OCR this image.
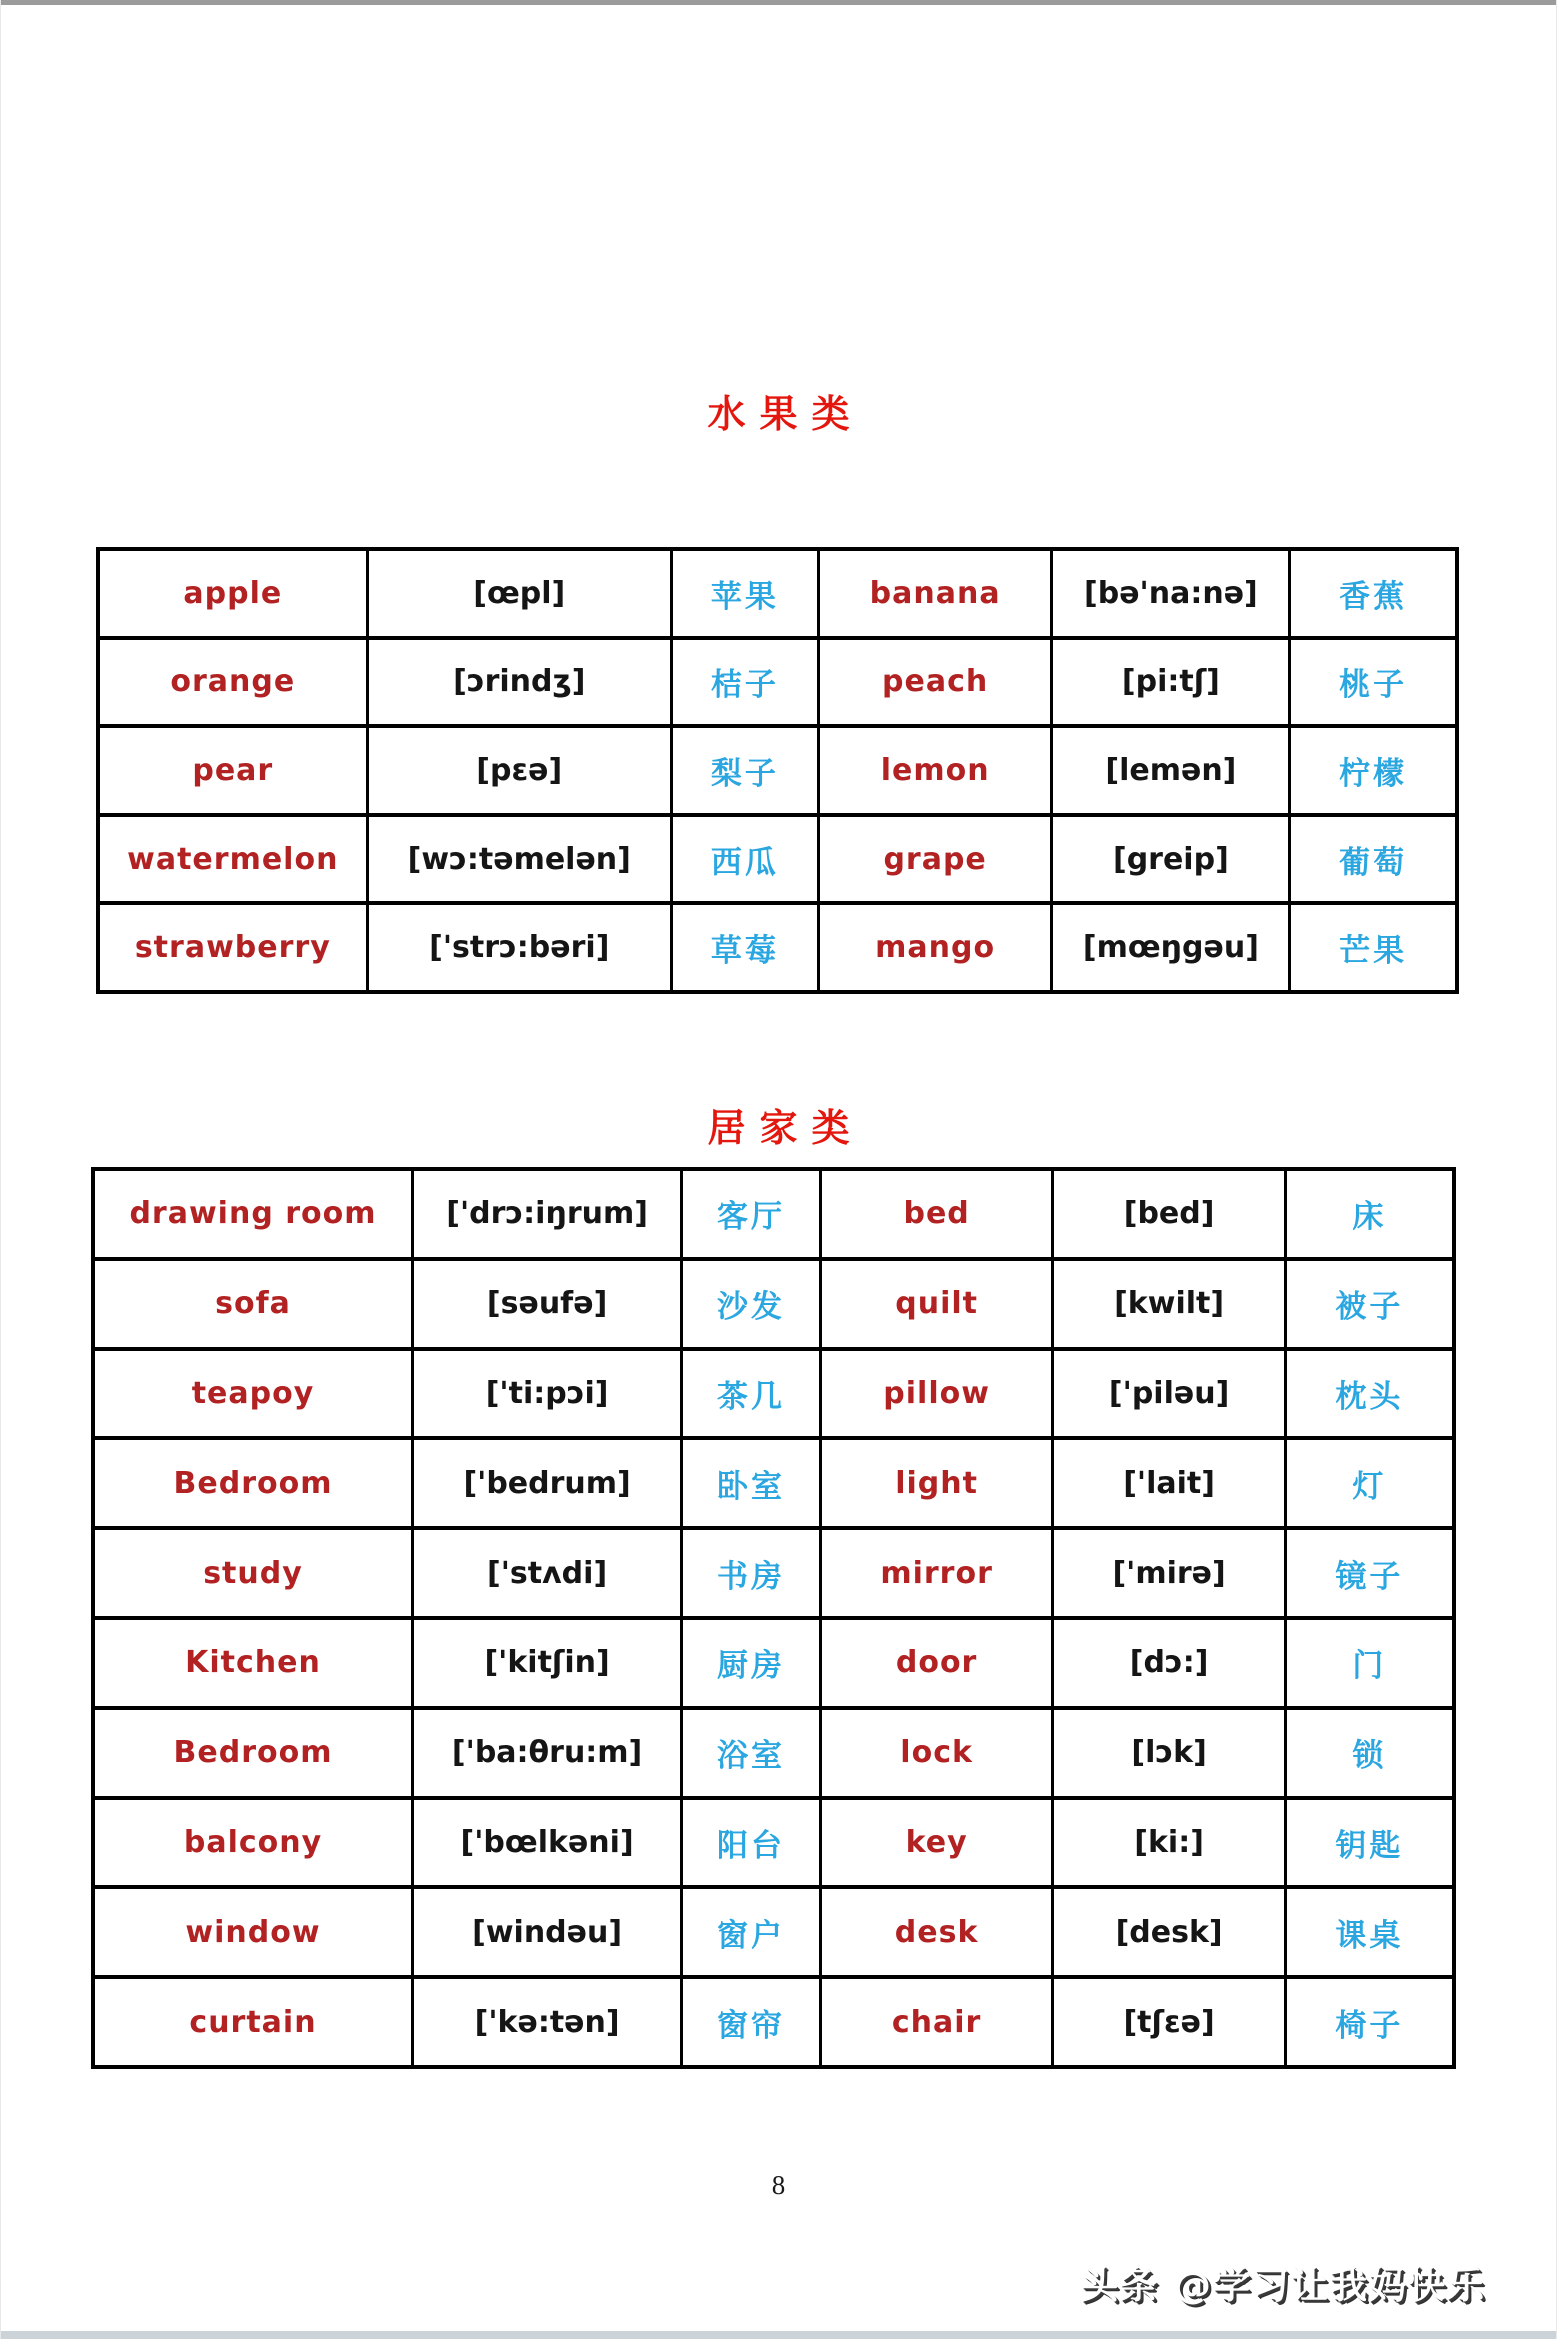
水果类
apple	[œpl]	苹果	banana	[bə'na:nə]	香蕉
orange	[ɔrindʒ]	桔子	peach	[pi:tʃ]	桃子
pear	[pɛə]	梨子	lemon	[lemən]	柠檬
watermelon	[wɔ:təmelən]	西瓜	grape	[greip]	葡萄
strawberry	['strɔ:bəri]	草莓	mango	[mœŋgəu]	芒果
居家类
drawing room	['drɔ:iŋrum]	客厅	bed	[bed]	床
sofa	[səufə]	沙发	quilt	[kwilt]	被子
teapoy	['ti:pɔi]	茶几	pillow	['piləu]	枕头
Bedroom	['bedrum]	卧室	light	['lait]	灯
study	['stʌdi]	书房	mirror	['mirə]	镜子
Kitchen	['kitʃin]	厨房	door	[dɔ:]	门
Bedroom	['ba:θru:m]	浴室	lock	[lɔk]	锁
balcony	['bœlkəni]	阳台	key	[ki:]	钥匙
window	[windəu]	窗户	desk	[desk]	课桌
curtain	['kə:tən]	窗帘	chair	[tʃɛə]	椅子
8
头条 @学习让我妈快乐
